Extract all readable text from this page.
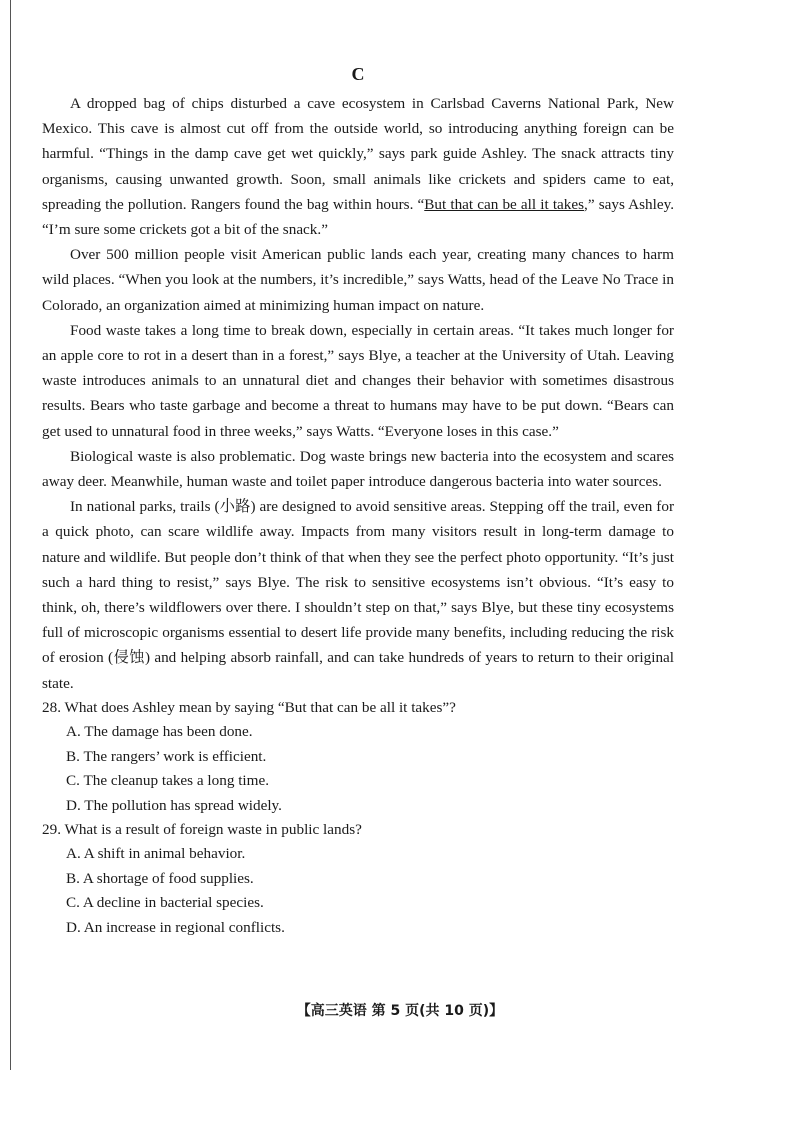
C

A dropped bag of chips disturbed a cave ecosystem in Carlsbad Caverns National Park, New Mexico. This cave is almost cut off from the outside world, so introducing anything foreign can be harmful. “Things in the damp cave get wet quickly,” says park guide Ashley. The snack attracts tiny organisms, causing unwanted growth. Soon, small animals like crickets and spiders came to eat, spreading the pollution. Rangers found the bag within hours. “But that can be all it takes,” says Ashley. “I’m sure some crickets got a bit of the snack.”

Over 500 million people visit American public lands each year, creating many chances to harm wild places. “When you look at the numbers, it’s incredible,” says Watts, head of the Leave No Trace in Colorado, an organization aimed at minimizing human impact on nature.

Food waste takes a long time to break down, especially in certain areas. “It takes much longer for an apple core to rot in a desert than in a forest,” says Blye, a teacher at the University of Utah. Leaving waste introduces animals to an unnatural diet and changes their behavior with sometimes disastrous results. Bears who taste garbage and become a threat to humans may have to be put down. “Bears can get used to unnatural food in three weeks,” says Watts. “Everyone loses in this case.”

Biological waste is also problematic. Dog waste brings new bacteria into the ecosystem and scares away deer. Meanwhile, human waste and toilet paper introduce dangerous bacteria into water sources.

In national parks, trails (小路) are designed to avoid sensitive areas. Stepping off the trail, even for a quick photo, can scare wildlife away. Impacts from many visitors result in long-term damage to nature and wildlife. But people don’t think of that when they see the perfect photo opportunity. “It’s just such a hard thing to resist,” says Blye. The risk to sensitive ecosystems isn’t obvious. “It’s easy to think, oh, there’s wildflowers over there. I shouldn’t step on that,” says Blye, but these tiny ecosystems full of microscopic organisms essential to desert life provide many benefits, including reducing the risk of erosion (侵蚀) and helping absorb rainfall, and can take hundreds of years to return to their original state.

28. What does Ashley mean by saying “But that can be all it takes”?

A. The damage has been done.

B. The rangers’ work is efficient.

C. The cleanup takes a long time.

D. The pollution has spread widely.

29. What is a result of foreign waste in public lands?

A. A shift in animal behavior.

B. A shortage of food supplies.

C. A decline in bacterial species.

D. An increase in regional conflicts.

【高三英语 第 5 页(共 10 页)】
